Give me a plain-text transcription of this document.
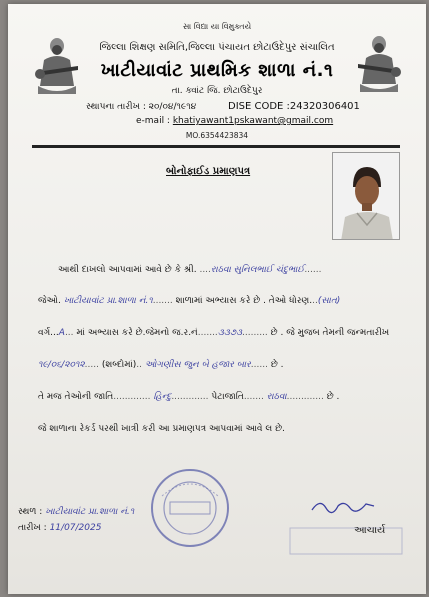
સા વિદ્યા યા વિમુક્તયે
જિલ્લા શિક્ષણ સમિતિ,જિલ્લા પંચાયત છોટાઉદેપુર સંચાલિત
ખાટીયાવાંટ પ્રાથમિક શાળા નં.૧
તા. ક્વાંટ જિ. છોટાઉદેપુર
સ્થાપના તારીખ : ૨૦/૦૪/૧૯૧૪	DISE CODE :24320306401
e-mail : khatiyawant1pskawant@gmail.com
MO.6354423834
બોનોફાઈડ પ્રમાણપત્ર
આથી દાખલો આપવામાં આવે છે કે શ્રી. ....રાઠવા સુનિલભાઈ ચંદુભાઈ......
જેઓ. ખાટીયાવાંટ પ્રા.શાળા નં.૧....... શાળામાં અભ્યાસ કરે છે . તેઓ ધોરણ...(સાત)
વર્ગ...A... માં અભ્યાસ કરે છે.જેમનો જ.ર.નં.......૩૩૭૩......... છે . જે મુજબ તેમની જન્મતારીખ
૧૯/૦૬/૨૦૧૨..... (શબ્દોમાં).. ઓગણીસ જુન બે હજાર બાર...... છે .
તે મજ તેઓની જાતિ............. હિન્દુ............. પેટાજાતિ....... રાઠવા............. છે .
જે શાળાના રેકર્ડ પરથી ખાત્રી કરી આ પ્રમાણપત્ર આપવામાં આવે લ છે.
સ્થળ : ખાટીયાવાંટ પ્રા.શાળા નં.૧
તારીખ : 11/07/2025	આચાર્ય
